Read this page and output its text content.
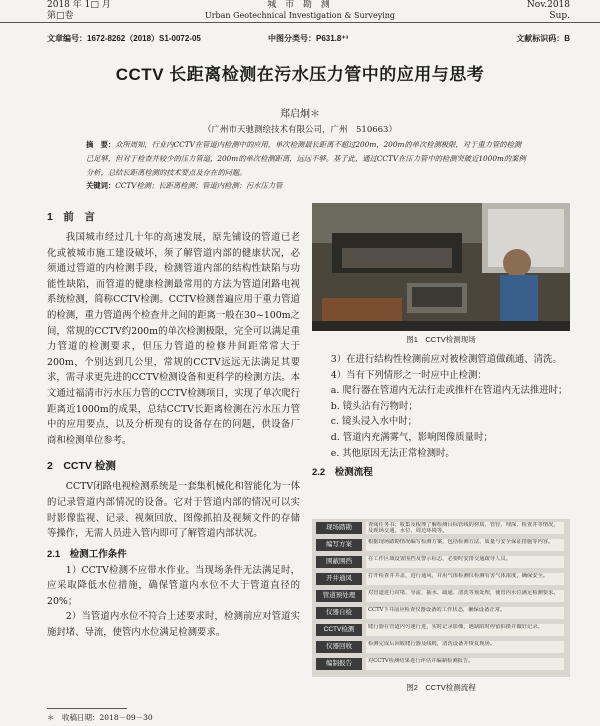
2018 年 1□ 月
第□卷
城 市 勘 测
Urban Geotechnical Investigation & Surveying
Nov.2018
Sup.
文章编号：1672-8262（2018）S1-0072-05	中图分类号：P631.8⁺³	文献标识码：B
CCTV 长距离检测在污水压力管中的应用与思考
郑启炯＊
（广州市天驰测绘技术有限公司，广州　510663）
摘　要：众所周知，行业内CCTV在管道内检测中的应用，单次检测最长距离不超过200m，200m的单次检测极限，对于重力管的检测已足够，但对于检查井较少的压力管道，200m的单次检测距离，远远不够。基于此，通过CCTV在压力管中的检测突破近1000m的案例分析，总结长距离检测的技术要点及存在的问题。
关键词：CCTV检测；长距离检测；管道内检测；污水压力管
1　前　言

我国城市经过几十年的高速发展，原先铺设的管道已老化或被城市施工建设破坏，须了解管道内部的健康状况，必须通过管道的内检测手段，检测管道内部的结构性缺陷与功能性缺陷，而管道的健康检测最常用的方法为管道闭路电视系统检测，简称CCTV检测。CCTV检测普遍应用于重力管道的检测，重力管道两个检查井之间的距离一般在30~100m之间，常规的CCTV约200m的单次检测极限，完全可以满足重力管道的检测要求，但压力管道的检修井间距常常大于200m，个别达到几公里，常规的CCTV远远无法满足其要求，需寻求更先进的CCTV检测设备和更科学的检测方法。本文通过福清市污水压力管的CCTV检测项目，实现了单次爬行距离近1000m的成果，总结CCTV长距离检测在污水压力管中的应用要点，以及分析现有的设备存在的问题，供设备厂商和检测单位参考。

2　CCTV 检测

CCTV闭路电视检测系统是一套集机械化和智能化为一体的记录管道内部情况的设备。它对于管道内部的情况可以实时影像监视、记录、视频回放、图像抓拍及视频文件的存储等操作，无需人员进入管内即可了解管道内部状况。

2.1　检测工作条件

1）CCTV检测不应带水作业。当现场条件无法满足时，应采取降低水位措施，确保管道内水位不大于管道直径的20%；

2）当管道内水位不符合上述要求时，检测前应对管道实施封堵、导流，使管内水位满足检测要求。

图1　CCTV检测现场

3）在进行结构性检测前应对被检测管道做疏通、清洗。

4）当有下列情形之一时应中止检测：

a. 爬行器在管道内无法行走或推杆在管道内无法推进时；

b. 镜头沾有污物时；

c. 镜头浸入水中时；

d. 管道内充满雾气，影响图像质量时；

e. 其他原因无法正常检测时。

2.2　检测流程
现场踏勘	查阅任务书；收集及梳理了解检测目标管线的材质、管径、埋深、检查井等情况，及现场交通、水位、周边环境等。
编写方案	根据现场踏勘情况编写检测方案，包括检测方法、质量与安全保证措施等内容。
围蔽围挡	在工作区域设置围挡及警示标志，必要时安排交通疏导人员。
开井通风	打开检查井井盖，进行通风，并用气体检测仪检测有害气体浓度，确保安全。
管道预处理	对管道进行封堵、导流、抽水、疏通、清洗等预处理，使管内水位满足检测要求。
仪器自检	CCTV下井前应检查仪器设备的工作状态，确保设备正常。
CCTV检测	爬行器在管道内匀速行进，实时记录影像，遇缺陷时停留拍摄并做好记录。
仪器回收	检测完成后回收爬行器及线缆，清洗设备并恢复现场。
编制报告	对CCTV检测结果进行评估并编制检测报告。
图2　CCTV检测流程
＊　收稿日期：2018－09－30
